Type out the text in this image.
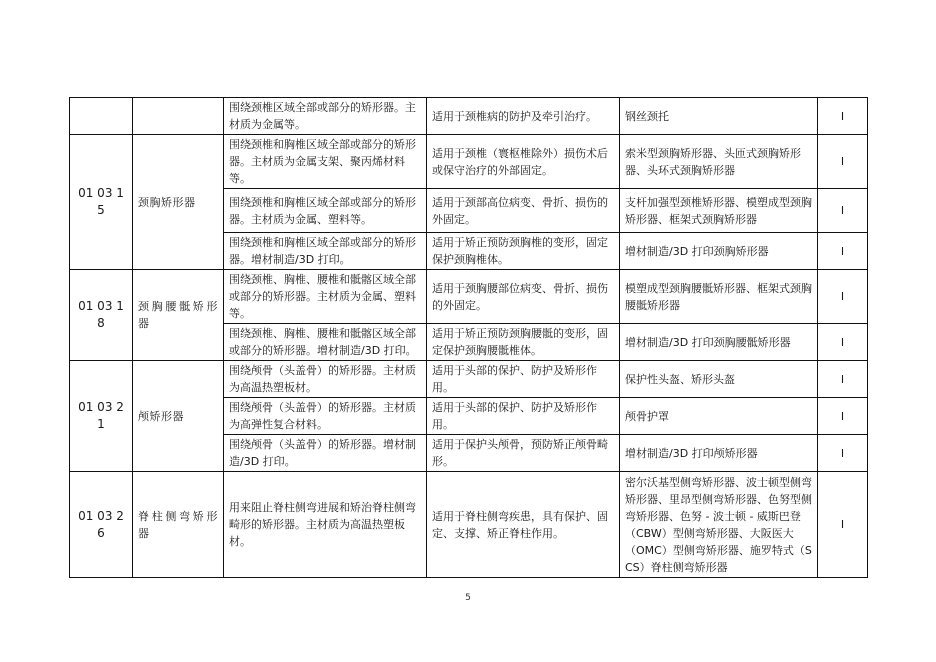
		围绕颈椎区域全部或部分的矫形器。主材质为金属等。	适用于颈椎病的防护及牵引治疗。	钢丝颈托	I
01 03 15	颈胸矫形器	围绕颈椎和胸椎区域全部或部分的矫形器。主材质为金属支架、聚丙烯材料等。	适用于颈椎（寰枢椎除外）损伤术后或保守治疗的外部固定。	索米型颈胸矫形器、头匝式颈胸矫形器、头环式颈胸矫形器	I
		围绕颈椎和胸椎区域全部或部分的矫形器。主材质为金属、塑料等。	适用于颈部高位病变、骨折、损伤的外固定。	支杆加强型颈椎矫形器、模塑成型颈胸矫形器、框架式颈胸矫形器	I
		围绕颈椎和胸椎区域全部或部分的矫形器。增材制造/3D 打印。	适用于矫正预防颈胸椎的变形，固定保护颈胸椎体。	增材制造/3D 打印颈胸矫形器	I
01 03 18	颈胸腰骶矫形器	围绕颈椎、胸椎、腰椎和骶髂区域全部或部分的矫形器。主材质为金属、塑料等。	适用于颈胸腰部位病变、骨折、损伤的外固定。	模塑成型颈胸腰骶矫形器、框架式颈胸腰骶矫形器	I
		围绕颈椎、胸椎、腰椎和骶髂区域全部或部分的矫形器。增材制造/3D 打印。	适用于矫正预防颈胸腰骶的变形，固定保护颈胸腰骶椎体。	增材制造/3D 打印颈胸腰骶矫形器	I
01 03 21	颅矫形器	围绕颅骨（头盖骨）的矫形器。主材质为高温热塑板材。	适用于头部的保护、防护及矫形作用。	保护性头盔、矫形头盔	I
		围绕颅骨（头盖骨）的矫形器。主材质为高弹性复合材料。	适用于头部的保护、防护及矫形作用。	颅骨护罩	I
		围绕颅骨（头盖骨）的矫形器。增材制造/3D 打印。	适用于保护头颅骨，预防矫正颅骨畸形。	增材制造/3D 打印颅矫形器	I
01 03 26	脊柱侧弯矫形器	用来阻止脊柱侧弯进展和矫治脊柱侧弯畸形的矫形器。主材质为高温热塑板材。	适用于脊柱侧弯疾患，具有保护、固定、支撑、矫正脊柱作用。	密尔沃基型侧弯矫形器、波士顿型侧弯矫形器、里昂型侧弯矫形器、色努型侧弯矫形器、色努 - 波士顿 - 威斯巴登（CBW）型侧弯矫形器、大阪医大（OMC）型侧弯矫形器、施罗特式（SCS）脊柱侧弯矫形器	I
5
